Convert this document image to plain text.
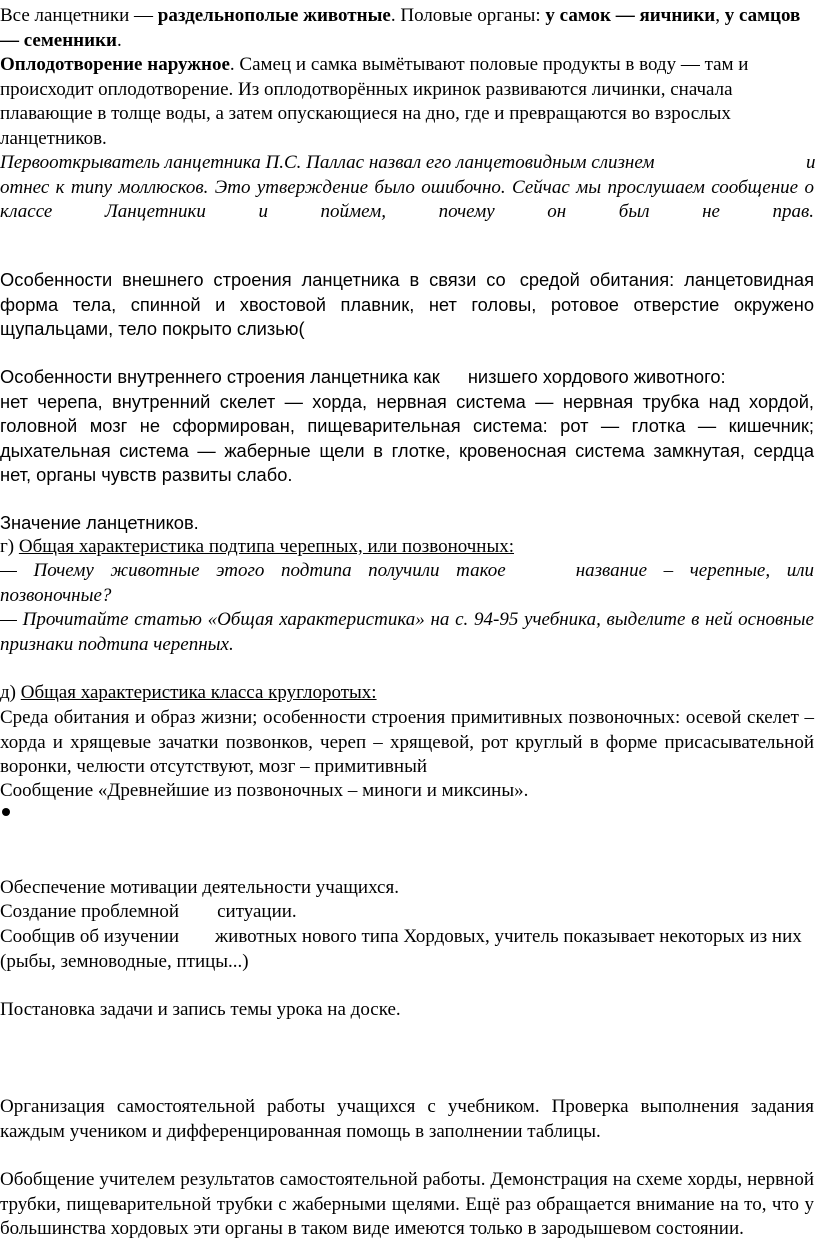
Все ланцетники — раздельнополые животные. Половые органы: у самок — яичники, у самцов — семенники.

Оплодотворение наружное. Самец и самка вымётывают половые продукты в воду — там и происходит оплодотворение. Из оплодотворённых икринок развиваются личинки, сначала плавающие в толще воды, а затем опускающиеся на дно, где и превращаются во взрослых ланцетников.

Первооткрыватель ланцетника П.С. Паллас назвал его ланцетовидным слизнем	и
отнес к типу моллюсков. Это утверждение было ошибочно. Сейчас мы прослушаем сообщение о классе Ланцетники и поймем, почему он был не прав.

Особенности внешнего строения ланцетника в связи со средой обитания: ланцетовидная форма тела, спинной и хвостовой плавник, нет головы, ротовое отверстие окружено щупальцами, тело покрыто слизью(

Особенности внутреннего строения ланцетника как низшего хордового животного:
нет черепа, внутренний скелет — хорда, нервная система — нервная трубка над хордой, головной мозг не сформирован, пищеварительная система: рот — глотка — кишечник; дыхательная система — жаберные щели в глотке, кровеносная система замкнутая, сердца нет, органы чувств развиты слабо.

Значение ланцетников.

г) Общая характеристика подтипа черепных, или позвоночных:

— Почему животные этого подтипа получили такое	название – черепные, или позвоночные?
— Прочитайте статью «Общая характеристика» на с. 94-95 учебника, выделите в ней основные признаки подтипа черепных.

д) Общая характеристика класса круглоротых:

Среда обитания и образ жизни; особенности строения примитивных позвоночных: осевой скелет – хорда и хрящевые зачатки позвонков, череп – хрящевой, рот круглый в форме присасывательной воронки, челюсти отсутствуют, мозг – примитивный

Сообщение «Древнейшие из позвоночных – миноги и миксины».

Обеспечение мотивации деятельности учащихся.

Создание проблемной ситуации.

Сообщив об изучении животных нового типа Хордовых, учитель показывает некоторых из них (рыбы, земноводные, птицы...)

Постановка задачи и запись темы урока на доске.

Организация самостоятельной работы учащихся с учебником. Проверка выполнения задания каждым учеником и дифференцированная помощь в заполнении таблицы.

Обобщение учителем результатов самостоятельной работы. Демонстрация на схеме хорды, нервной трубки, пищеварительной трубки с жаберными щелями. Ещё раз обращается внимание на то, что у большинства хордовых эти органы в таком виде имеются только в зародышевом состоянии.
